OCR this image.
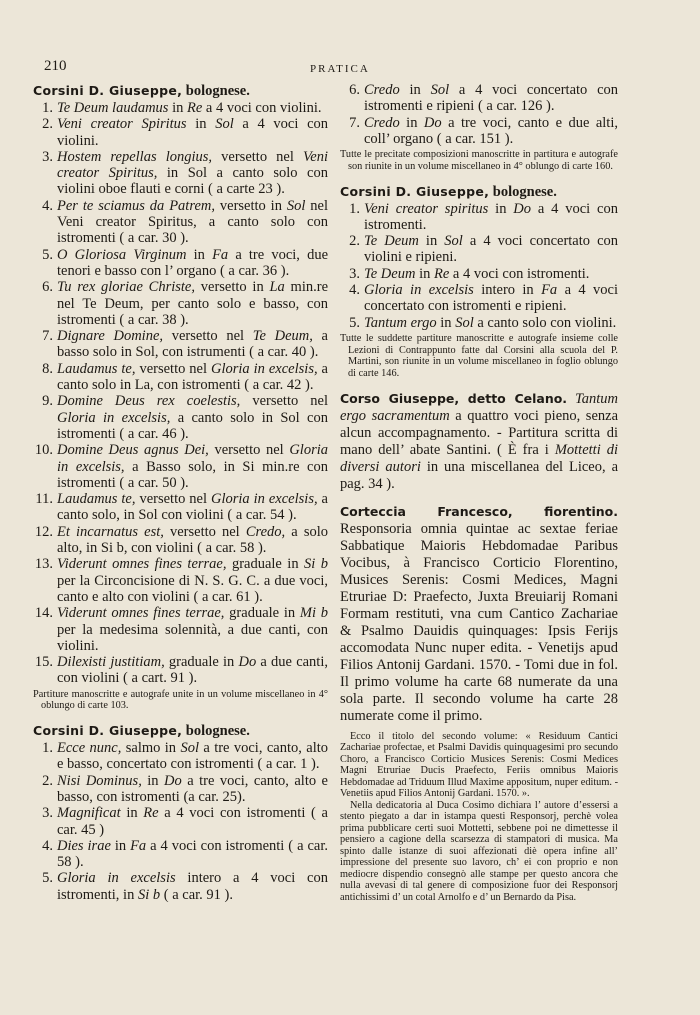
210	PRATICA
Corsini D. Giuseppe, bolognese.
1. Te Deum laudamus in Re a 4 voci con violini.
2. Veni creator Spiritus in Sol a 4 voci con violini.
3. Hostem repellas longius, versetto nel Veni creator Spiritus, in Sol a canto solo con violini oboe flauti e corni ( a carte 23 ).
4. Per te sciamus da Patrem, versetto in Sol nel Veni creator Spiritus, a canto solo con istromenti ( a car. 30 ).
5. O Gloriosa Virginum in Fa a tre voci, due tenori e basso con l’ organo ( a car. 36 ).
6. Tu rex gloriae Christe, versetto in La min.re nel Te Deum, per canto solo e basso, con istromenti ( a car. 38 ).
7. Dignare Domine, versetto nel Te Deum, a basso solo in Sol, con istrumenti ( a car. 40 ).
8. Laudamus te, versetto nel Gloria in excelsis, a canto solo in La, con istromenti ( a car. 42 ).
9. Domine Deus rex coelestis, versetto nel Gloria in excelsis, a canto solo in Sol con istromenti ( a car. 46 ).
10. Domine Deus agnus Dei, versetto nel Gloria in excelsis, a Basso solo, in Si min.re con istromenti ( a car. 50 ).
11. Laudamus te, versetto nel Gloria in excelsis, a canto solo, in Sol con violini ( a car. 54 ).
12. Et incarnatus est, versetto nel Credo, a solo alto, in Si b, con violini ( a car. 58 ).
13. Viderunt omnes fines terrae, graduale in Si b per la Circoncisione di N. S. G. C. a due voci, canto e alto con violini ( a car. 61 ).
14. Viderunt omnes fines terrae, graduale in Mi b per la medesima solennità, a due canti, con violini.
15. Dilexisti justitiam, graduale in Do a due canti, con violini ( a cart. 91 ).
Partiture manoscritte e autografe unite in un volume miscellaneo in 4° oblungo di carte 103.
Corsini D. Giuseppe, bolognese.
1. Ecce nunc, salmo in Sol a tre voci, canto, alto e basso, concertato con istromenti ( a car. 1 ).
2. Nisi Dominus, in Do a tre voci, canto, alto e basso, con istromenti (a car. 25).
3. Magnificat in Re a 4 voci con istromenti ( a car. 45 )
4. Dies irae in Fa a 4 voci con istromenti ( a car. 58 ).
5. Gloria in excelsis intero a 4 voci con istromenti, in Si b ( a car. 91 ).
6. Credo in Sol a 4 voci concertato con istromenti e ripieni ( a car. 126 ).
7. Credo in Do a tre voci, canto e due alti, coll’ organo ( a car. 151 ).
Tutte le precitate composizioni manoscritte in partitura e autografe son riunite in un volume miscellaneo in 4° oblungo di carte 160.
Corsini D. Giuseppe, bolognese.
1. Veni creator spiritus in Do a 4 voci con istromenti.
2. Te Deum in Sol a 4 voci concertato con violini e ripieni.
3. Te Deum in Re a 4 voci con istromenti.
4. Gloria in excelsis intero in Fa a 4 voci concertato con istromenti e ripieni.
5. Tantum ergo in Sol a canto solo con violini.
Tutte le suddette partiture manoscritte e autografe insieme colle Lezioni di Contrappunto fatte dal Corsini alla scuola del P. Martini, son riunite in un volume miscellaneo in foglio oblungo di carte 146.
Corso Giuseppe, detto Celano. Tantum ergo sacramentum a quattro voci pieno, senza alcun accompagnamento. - Partitura scritta di mano dell’ abate Santini. ( È fra i Mottetti di diversi autori in una miscellanea del Liceo, a pag. 34 ).
Corteccia Francesco, fiorentino. Responsoria omnia quintae ac sextae feriae Sabbatique Maioris Hebdomadae Paribus Vocibus, à Francisco Corticio Florentino, Musices Serenis: Cosmi Medices, Magni Etruriae D: Praefecto, Juxta Breuiarij Romani Formam restituti, vna cum Cantico Zachariae & Psalmo Dauidis quinquages: Ipsis Ferijs accomodata Nunc nuper edita. - Venetijs apud Filios Antonij Gardani. 1570. - Tomi due in fol. Il primo volume ha carte 68 numerate da una sola parte. Il secondo volume ha carte 28 numerate come il primo.
Ecco il titolo del secondo volume: « Residuum Cantici Zachariae profectae, et Psalmi Davidis quinquagesimi pro secundo Choro, a Francisco Corticio Musices Serenis: Cosmi Medices Magni Etruriae Ducis Praefecto, Feriis omnibus Maioris Hebdomadae ad Triduum Illud Maxime appositum, nuper editum. - Venetiis apud Filios Antonij Gardani. 1570. ».
Nella dedicatoria al Duca Cosimo dichiara l’ autore d’essersi a stento piegato a dar in istampa questi Responsorj, perchè volea prima pubblicare certi suoi Mottetti, sebbene poi ne dimettesse il pensiero a cagione della scarsezza di stampatori di musica. Ma spinto dalle istanze di suoi affezionati diè opera infine all’ impressione del presente suo lavoro, ch’ ei con proprio e non mediocre dispendio consegnò alle stampe per questo ancora che nulla avevasi di tal genere di composizione fuor dei Responsorj antichissimi d’ un cotal Arnolfo e d’ un Bernardo da Pisa.
